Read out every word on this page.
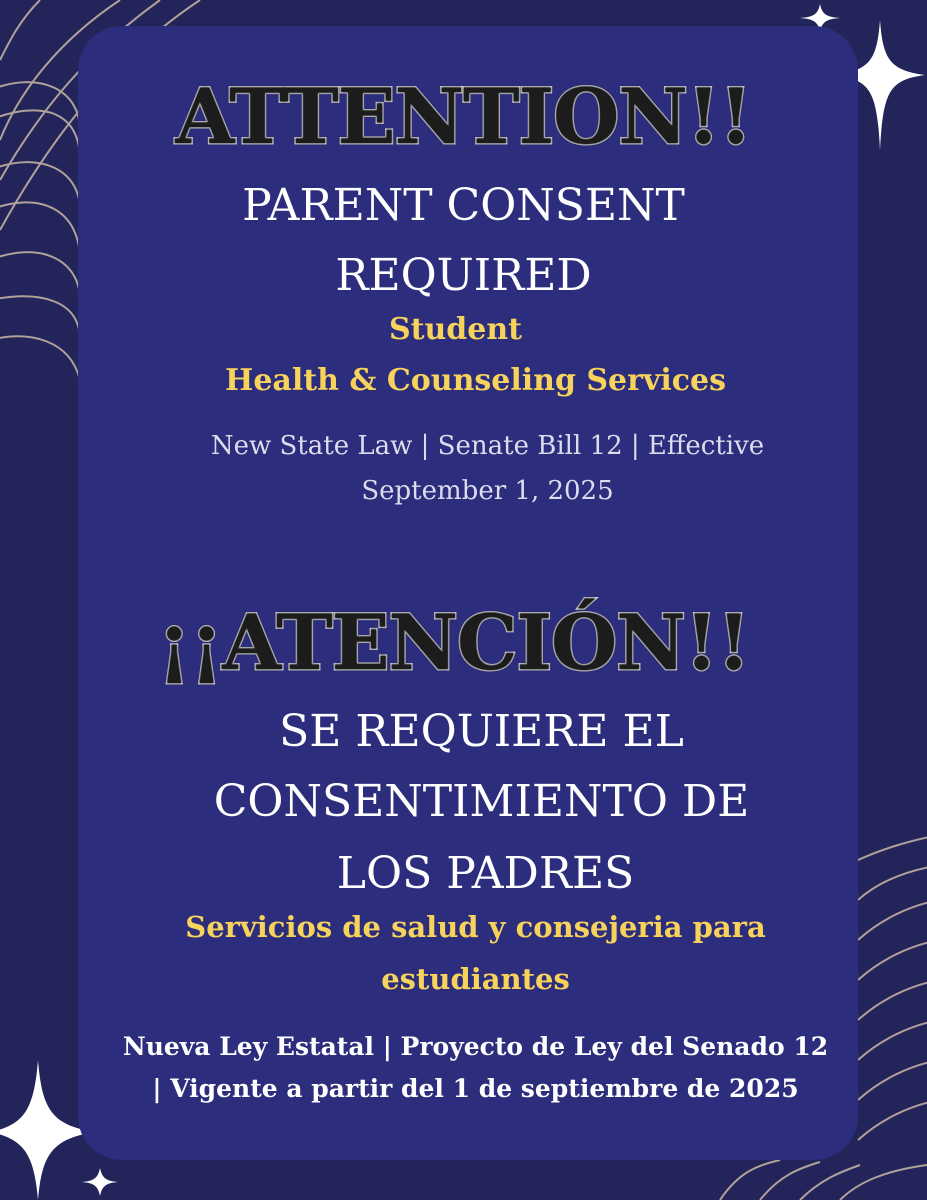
ATTENTION!!
PARENT CONSENT
REQUIRED
Student
Health & Counseling Services
New State Law | Senate Bill 12 | Effective
September 1, 2025
¡¡ATENCIÓN!!
SE REQUIERE EL
CONSENTIMIENTO DE
LOS PADRES
Servicios de salud y consejeria para
estudiantes
Nueva Ley Estatal | Proyecto de Ley del Senado 12
| Vigente a partir del 1 de septiembre de 2025
